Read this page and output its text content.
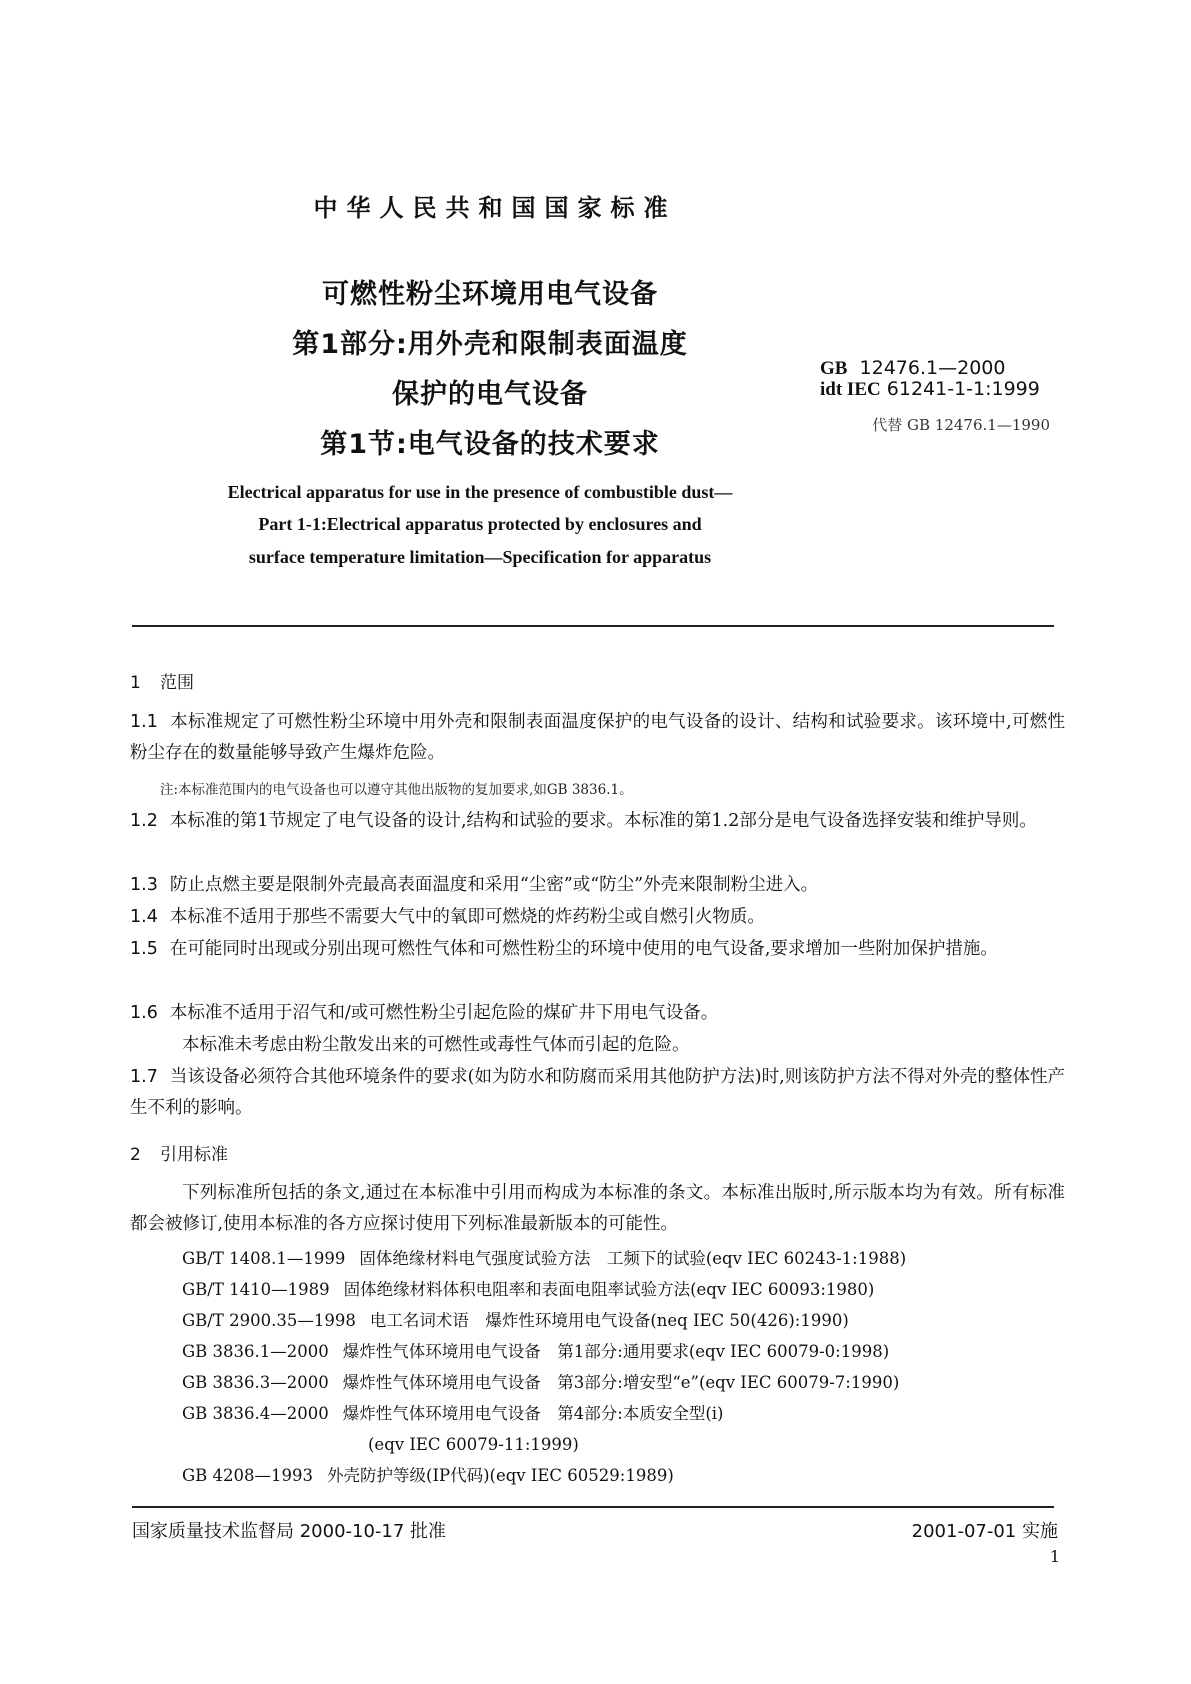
中华人民共和国国家标准
可燃性粉尘环境用电气设备
第1部分:用外壳和限制表面温度
保护的电气设备
第1节:电气设备的技术要求
GB 12476.1—2000
idt IEC 61241-1-1:1999
代替 GB 12476.1—1990
Electrical apparatus for use in the presence of combustible dust—
Part 1-1:Electrical apparatus protected by enclosures and
surface temperature limitation—Specification for apparatus
1 范围
1.1 本标准规定了可燃性粉尘环境中用外壳和限制表面温度保护的电气设备的设计、结构和试验要求。该环境中,可燃性粉尘存在的数量能够导致产生爆炸危险。
注:本标准范围内的电气设备也可以遵守其他出版物的复加要求,如GB 3836.1。
1.2 本标准的第1节规定了电气设备的设计,结构和试验的要求。本标准的第1.2部分是电气设备选择安装和维护导则。
1.3 防止点燃主要是限制外壳最高表面温度和采用“尘密”或“防尘”外壳来限制粉尘进入。
1.4 本标准不适用于那些不需要大气中的氧即可燃烧的炸药粉尘或自燃引火物质。
1.5 在可能同时出现或分别出现可燃性气体和可燃性粉尘的环境中使用的电气设备,要求增加一些附加保护措施。
1.6 本标准不适用于沼气和/或可燃性粉尘引起危险的煤矿井下用电气设备。
本标准未考虑由粉尘散发出来的可燃性或毒性气体而引起的危险。
1.7 当该设备必须符合其他环境条件的要求(如为防水和防腐而采用其他防护方法)时,则该防护方法不得对外壳的整体性产生不利的影响。
2 引用标准
下列标准所包括的条文,通过在本标准中引用而构成为本标准的条文。本标准出版时,所示版本均为有效。所有标准都会被修订,使用本标准的各方应探讨使用下列标准最新版本的可能性。
GB/T 1408.1—1999 固体绝缘材料电气强度试验方法　工频下的试验(eqv IEC 60243-1:1988)
GB/T 1410—1989 固体绝缘材料体积电阻率和表面电阻率试验方法(eqv IEC 60093:1980)
GB/T 2900.35—1998 电工名词术语　爆炸性环境用电气设备(neq IEC 50(426):1990)
GB 3836.1—2000 爆炸性气体环境用电气设备　第1部分:通用要求(eqv IEC 60079-0:1998)
GB 3836.3—2000 爆炸性气体环境用电气设备　第3部分:增安型“e”(eqv IEC 60079-7:1990)
GB 3836.4—2000 爆炸性气体环境用电气设备　第4部分:本质安全型(i)
(eqv IEC 60079-11:1999)
GB 4208—1993 外壳防护等级(IP代码)(eqv IEC 60529:1989)
国家质量技术监督局 2000-10-17 批准	2001-07-01 实施
1
